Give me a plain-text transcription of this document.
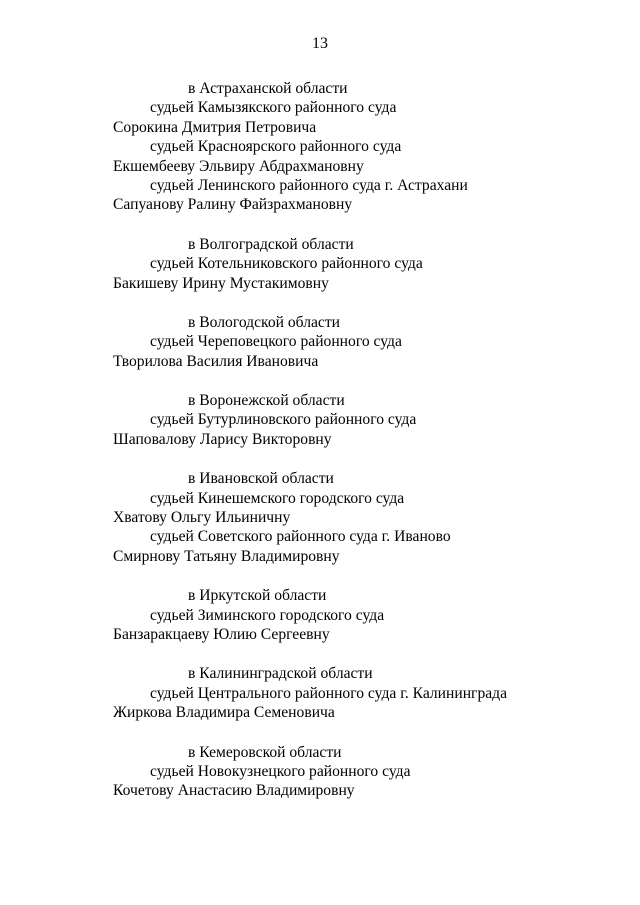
13
в Астраханской области
судьей Камызякского районного суда
Сорокина Дмитрия Петровича
судьей Красноярского районного суда
Екшембееву Эльвиру Абдрахмановну
судьей Ленинского районного суда г. Астрахани
Сапуанову Ралину Файзрахмановну
в Волгоградской области
судьей Котельниковского районного суда
Бакишеву Ирину Мустакимовну
в Вологодской области
судьей Череповецкого районного суда
Творилова Василия Ивановича
в Воронежской области
судьей Бутурлиновского районного суда
Шаповалову Ларису Викторовну
в Ивановской области
судьей Кинешемского городского суда
Хватову Ольгу Ильиничну
судьей Советского районного суда г. Иваново
Смирнову Татьяну Владимировну
в Иркутской области
судьей Зиминского городского суда
Банзаракцаеву Юлию Сергеевну
в Калининградской области
судьей Центрального районного суда г. Калининграда
Жиркова Владимира Семеновича
в Кемеровской области
судьей Новокузнецкого районного суда
Кочетову Анастасию Владимировну
